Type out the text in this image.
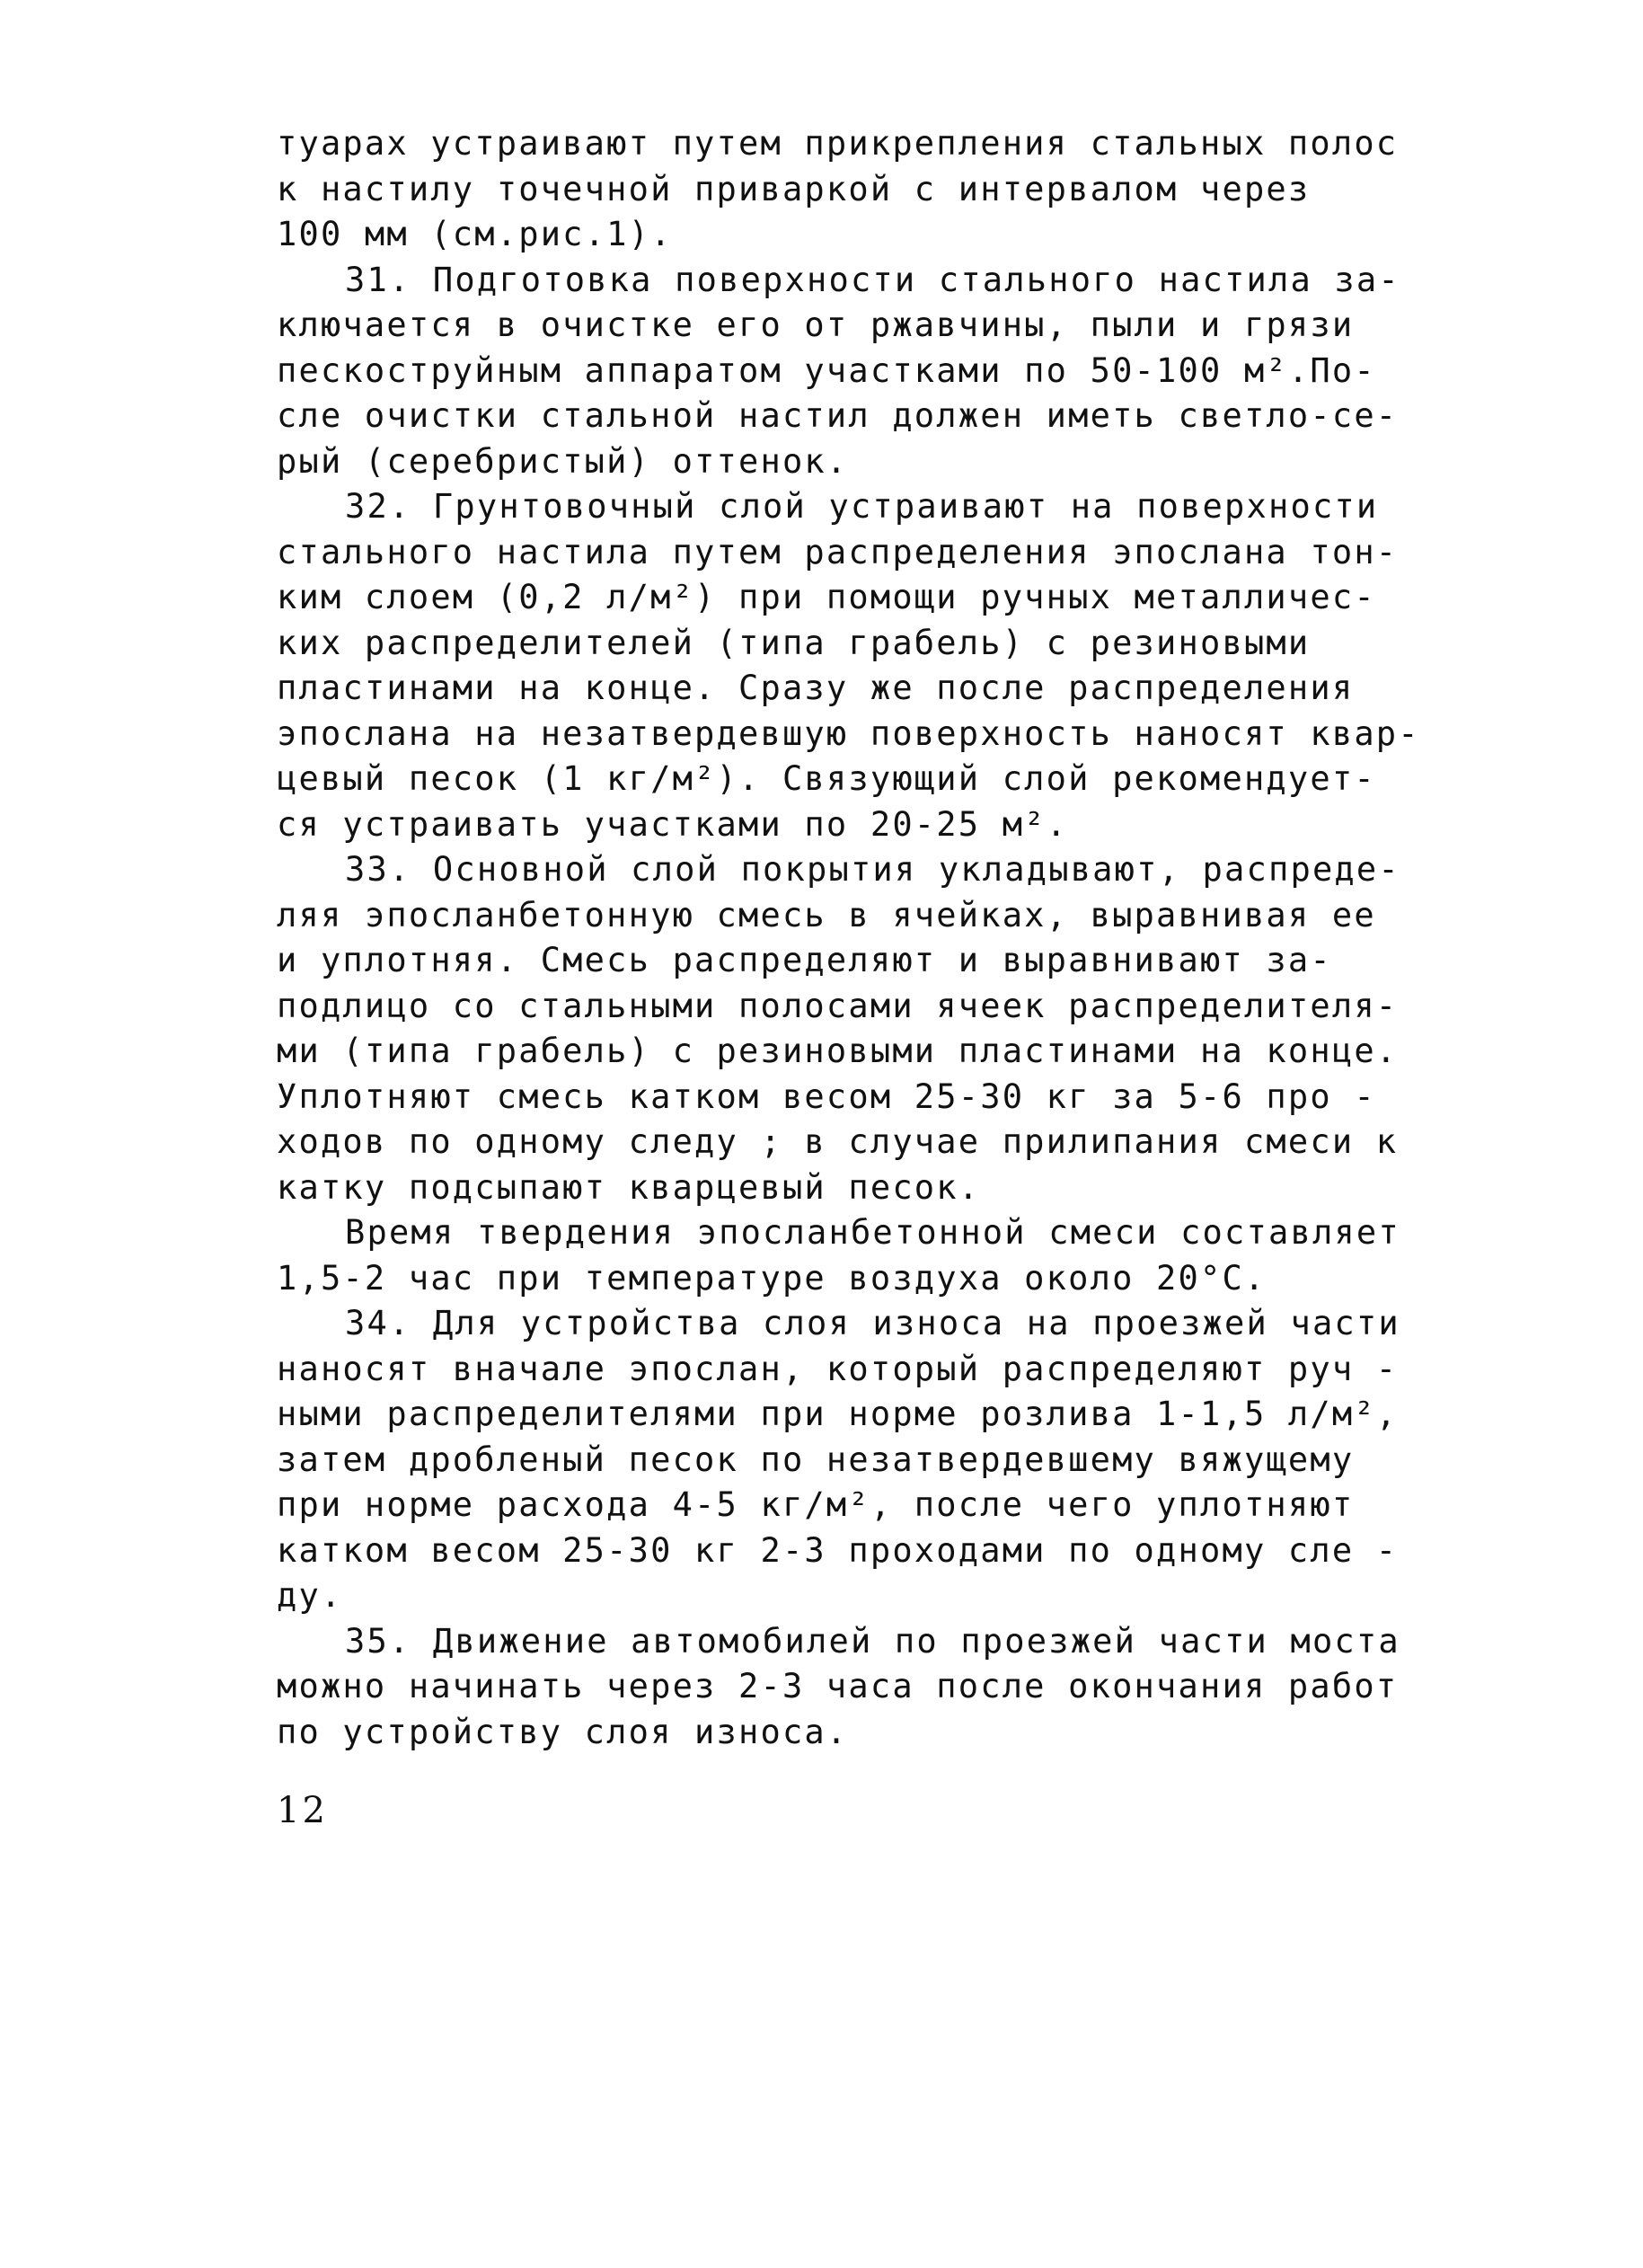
туарах устраивают путем прикрепления стальных полос
к настилу точечной приваркой с интервалом через
100 мм (см.рис.1).
31. Подготовка поверхности стального настила за-
ключается в очистке его от ржавчины, пыли и грязи
пескоструйным аппаратом участками по 50-100 м².По-
сле очистки стальной настил должен иметь светло-се-
рый (серебристый) оттенок.
32. Грунтовочный слой устраивают на поверхности
стального настила путем распределения эпослана тон-
ким слоем (0,2 л/м²) при помощи ручных металличес-
ких распределителей (типа грабель) с резиновыми
пластинами на конце. Сразу же после распределения
эпослана на незатвердевшую поверхность наносят квар-
цевый песок (1 кг/м²). Связующий слой рекомендует-
ся устраивать участками по 20-25 м².
33. Основной слой покрытия укладывают, распреде-
ляя эпосланбетонную смесь в ячейках, выравнивая ее
и уплотняя. Смесь распределяют и выравнивают за-
подлицо со стальными полосами ячеек распределителя-
ми (типа грабель) с резиновыми пластинами на конце.
Уплотняют смесь катком весом 25-30 кг за 5-6 про -
ходов по одному следу ; в случае прилипания смеси к
катку подсыпают кварцевый песок.
Время твердения эпосланбетонной смеси составляет
1,5-2 час при температуре воздуха около 20°С.
34. Для устройства слоя износа на проезжей части
наносят вначале эпослан, который распределяют руч -
ными распределителями при норме розлива 1-1,5 л/м²,
затем дробленый песок по незатвердевшему вяжущему
при норме расхода 4-5 кг/м², после чего уплотняют
катком весом 25-30 кг 2-3 проходами по одному сле -
ду.
35. Движение автомобилей по проезжей части моста
можно начинать через 2-3 часа после окончания работ
по устройству слоя износа.
12
